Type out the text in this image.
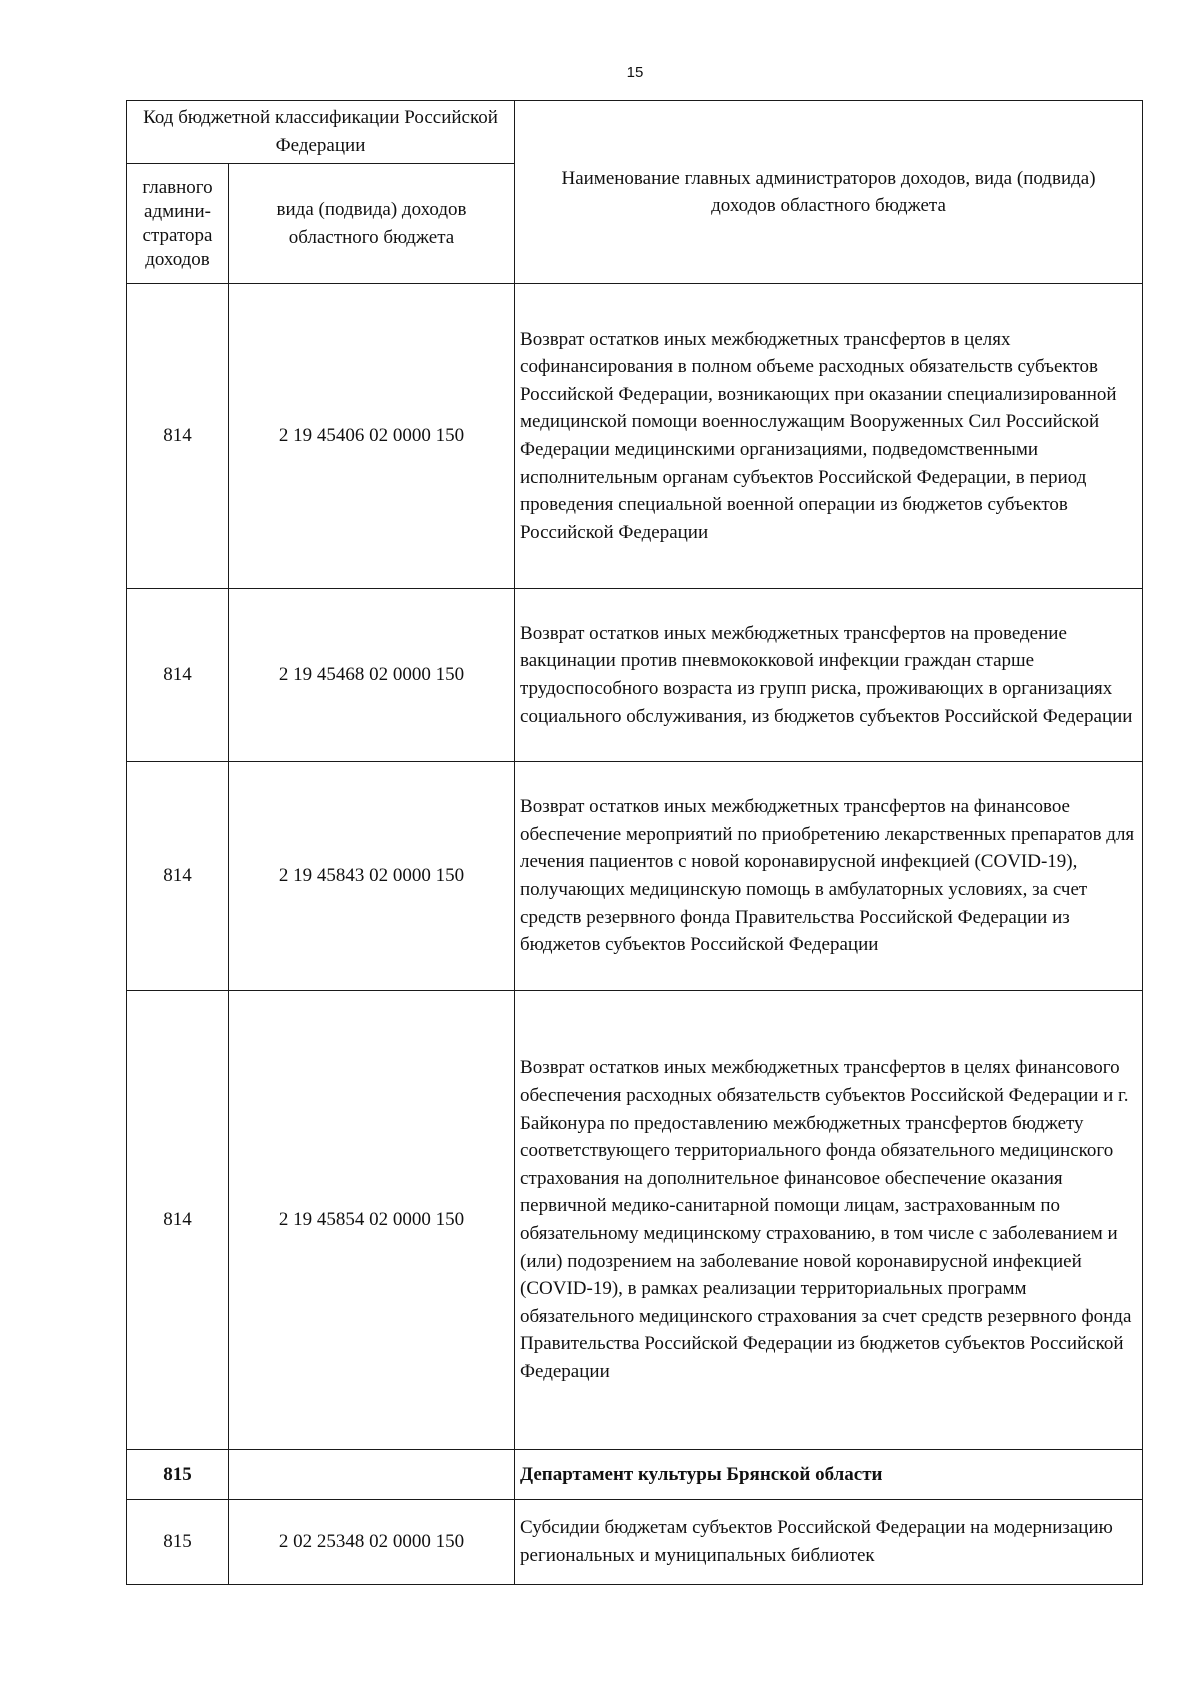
15
Код бюджетной классификации Российской Федерации		Наименование главных администраторов доходов, вида (подвида) доходов областного бюджета
главного админи-стратора доходов	вида (подвида) доходов областного бюджета	
814	2 19 45406 02 0000 150	Возврат остатков иных межбюджетных трансфертов в целях софинансирования в полном объеме расходных обязательств субъектов Российской Федерации, возникающих при оказании специализированной медицинской помощи военнослужащим Вооруженных Сил Российской Федерации медицинскими организациями, подведомственными исполнительным органам субъектов Российской Федерации, в период проведения специальной военной операции из бюджетов субъектов Российской Федерации
814	2 19 45468 02 0000 150	Возврат остатков иных межбюджетных трансфертов на проведение вакцинации против пневмококковой инфекции граждан старше трудоспособного возраста из групп риска, проживающих в организациях социального обслуживания, из бюджетов субъектов Российской Федерации
814	2 19 45843 02 0000 150	Возврат остатков иных межбюджетных трансфертов на финансовое обеспечение мероприятий по приобретению лекарственных препаратов для лечения пациентов с новой коронавирусной инфекцией (COVID-19), получающих медицинскую помощь в амбулаторных условиях, за счет средств резервного фонда Правительства Российской Федерации из бюджетов субъектов Российской Федерации
814	2 19 45854 02 0000 150	Возврат остатков иных межбюджетных трансфертов в целях финансового обеспечения расходных обязательств субъектов Российской Федерации и г. Байконура по предоставлению межбюджетных трансфертов бюджету соответствующего территориального фонда обязательного медицинского страхования на дополнительное финансовое обеспечение оказания первичной медико-санитарной помощи лицам, застрахованным по обязательному медицинскому страхованию, в том числе с заболеванием и (или) подозрением на заболевание новой коронавирусной инфекцией (COVID-19), в рамках реализации территориальных программ обязательного медицинского страхования за счет средств резервного фонда Правительства Российской Федерации из бюджетов субъектов Российской Федерации
815		Департамент культуры Брянской области
815	2 02 25348 02 0000 150	Субсидии бюджетам субъектов Российской Федерации на модернизацию региональных и муниципальных библиотек
